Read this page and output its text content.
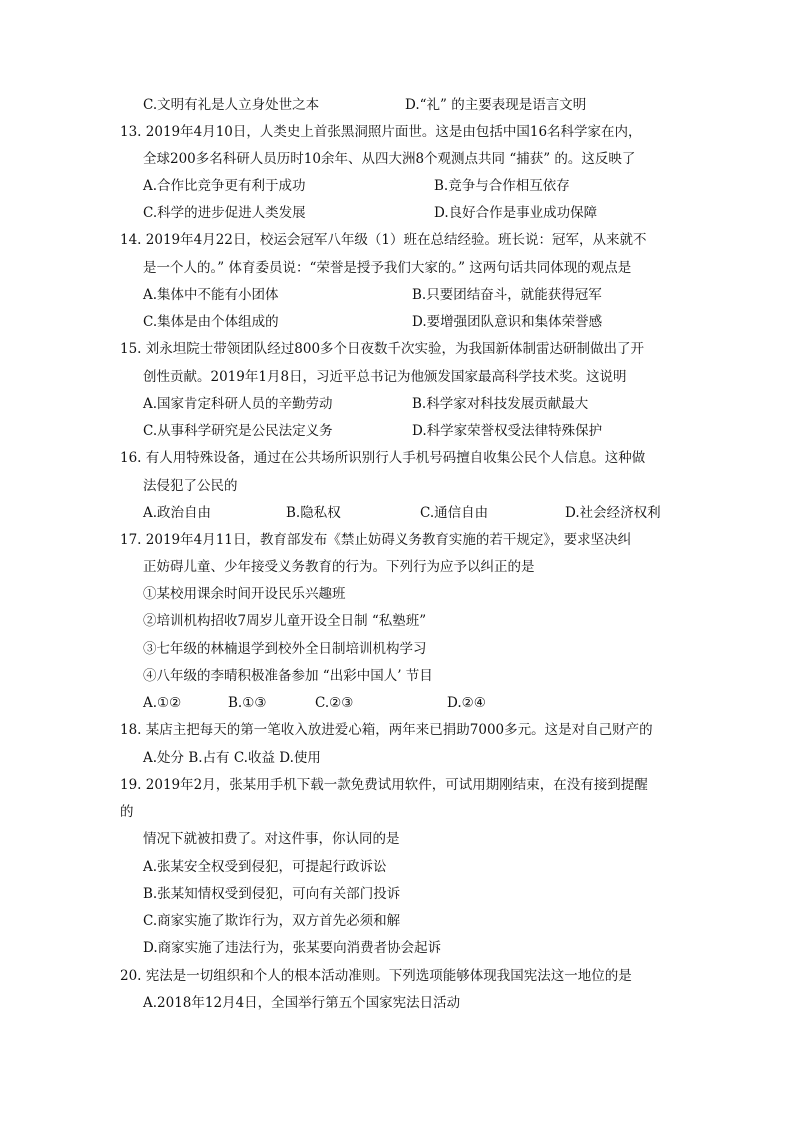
C.文明有礼是人立身处世之本	D.“礼” 的主要表现是语言文明
13. 2019年4月10日，人类史上首张黑洞照片面世。这是由包括中国16名科学家在内，
全球200多名科研人员历时10余年、从四大洲8个观测点共同 “捕获” 的。这反映了
A.合作比竞争更有利于成功	B.竞争与合作相互依存
C.科学的进步促进人类发展	D.良好合作是事业成功保障
14. 2019年4月22日，校运会冠军八年级（1）班在总结经验。班长说：冠军，从来就不
是一个人的。” 体育委员说：“荣誉是授予我们大家的。” 这两句话共同体现的观点是
A.集体中不能有小团体	B.只要团结奋斗，就能获得冠军
C.集体是由个体组成的	D.要增强团队意识和集体荣誉感
15. 刘永坦院士带领团队经过800多个日夜数千次实验，为我国新体制雷达研制做出了开
创性贡献。2019年1月8日，习近平总书记为他颁发国家最高科学技术奖。这说明
A.国家肯定科研人员的辛勤劳动	B.科学家对科技发展贡献最大
C.从事科学研究是公民法定义务	D.科学家荣誉权受法律特殊保护
16. 有人用特殊设备，通过在公共场所识别行人手机号码擅自收集公民个人信息。这种做
法侵犯了公民的
A.政治自由	B.隐私权	C.通信自由	D.社会经济权利
17. 2019年4月11日，教育部发布《禁止妨碍义务教育实施的若干规定》，要求坚决纠
正妨碍儿童、少年接受义务教育的行为。下列行为应予以纠正的是
①某校用课余时间开设民乐兴趣班
②培训机构招收7周岁儿童开设全日制 “私塾班”
③七年级的林楠退学到校外全日制培训机构学习
④八年级的李晴积极准备参加 “出彩中国人’ 节目
A.①②	B.①③	C.②③	D.②④
18. 某店主把每天的第一笔收入放进爱心箱，两年来已捐助7000多元。这是对自己财产的
A.处分 B.占有 C.收益 D.使用
19. 2019年2月，张某用手机下载一款免费试用软件，可试用期刚结束，在没有接到提醒
的
情况下就被扣费了。对这件事，你认同的是
A.张某安全权受到侵犯，可提起行政诉讼
B.张某知情权受到侵犯，可向有关部门投诉
C.商家实施了欺诈行为，双方首先必须和解
D.商家实施了违法行为，张某要向消费者协会起诉
20. 宪法是一切组织和个人的根本活动准则。下列选项能够体现我国宪法这一地位的是
A.2018年12月4日，全国举行第五个国家宪法日活动
